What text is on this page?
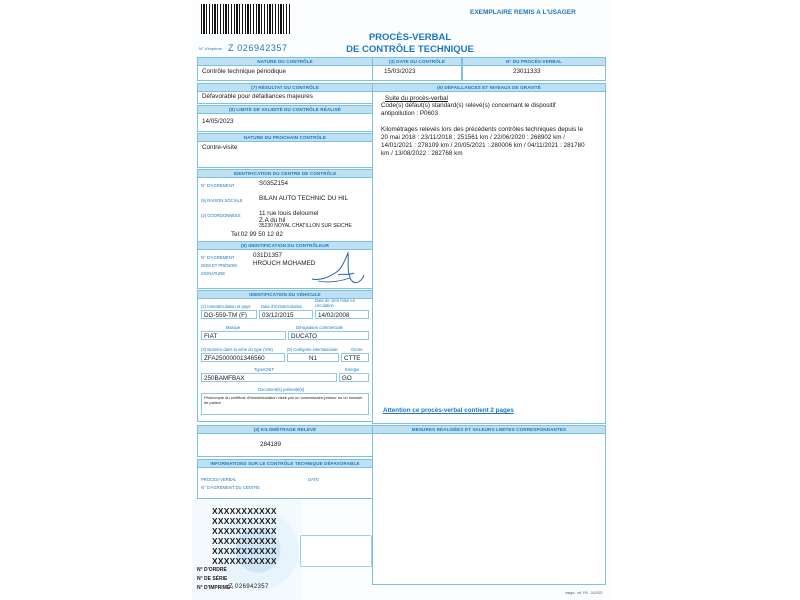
EXEMPLAIRE REMIS A L'USAGER
N° d'imprimé Z 026942357
PROCÈS-VERBAL
DE CONTRÔLE TECHNIQUE
NATURE DU CONTRÔLE
Contrôle technique périodique
(7) RÉSULTAT DU CONTRÔLE
Défavorable pour défaillances majeures
(8) LIMITE DE VALIDITÉ DU CONTRÔLE RÉALISÉ
14/05/2023
NATURE DU PROCHAIN CONTRÔLE
Contre-visite
IDENTIFICATION DU CENTRE DE CONTRÔLE
N° D'AGRÉMENT	S035Z154
(9) RAISON SOCIALE	BILAN AUTO TECHNIC DU HIL
(2) COORDONNÉES	11 rue louis deloumel
Z.A du hil
35230 NOYAL CHATILLON SUR SEICHE
Tel:02 99 50 12 82
(9) IDENTIFICATION DU CONTRÔLEUR
N° D'AGRÉMENT	031D1357
NOM ET PRÉNOM	HROUCH MOHAMED
SIGNATURE
IDENTIFICATION DU VÉHICULE
(2) Immatriculation et pays	Date d'immatriculation
Date de 1ère mise en circulation
DG-559-TM (F)	03/12/2015	14/02/2008
Marque	Désignation commerciale
FIAT	DUCATO
(3) Numéro dans la série du type (VIN)	(5) Catégorie internationale	Genre
ZFA25000001346560	N1	CTTE
Type/CNIT	Énergie
250BAMFBAX	GO
Document(s) présenté(s)
Photocopie du certificat d'immatriculation visée par un commissaire-priseur ou un huissier de justice
(4) KILOMÉTRAGE RELEVÉ
284189
INFORMATIONS SUR LE CONTRÔLE TECHNIQUE DÉFAVORABLE
PROCÈS-VERBAL	DATE
N° D'AGRÉMENT DU CENTRE
(3) DATE DU CONTRÔLE
15/03/2023
N° DU PROCÈS-VERBAL
23011333
(6) DÉFAILLANCES ET NIVEAUX DE GRAVITÉ
Suite du procès-verbal
Code(s) défaut(s) standard(s) relevé(s) concernant le dispositif
antipollution : P0603
Kilométrages relevés lors des précédents contrôles techniques depuis le
20 mai 2018 : 23/11/2018 : 251561 km / 22/06/2020 : 268902 km /
14/01/2021 : 278109 km / 20/05/2021 : 280006 km / 04/11/2021 : 281780
km / 13/08/2022 : 282768 km
Attention ce procès-verbal contient 2 pages
MESURES RÉALISÉES ET VALEURS LIMITES CORRESPONDANTES
Imagin - ref. PVI - 01/2022
XXXXXXXXXXX
XXXXXXXXXXX
XXXXXXXXXXX
XXXXXXXXXXX
XXXXXXXXXXX
XXXXXXXXXXX
N° D'ORDRE
N° DE SÉRIE
N° D'IMPRIMÉ :
Z 026942357
